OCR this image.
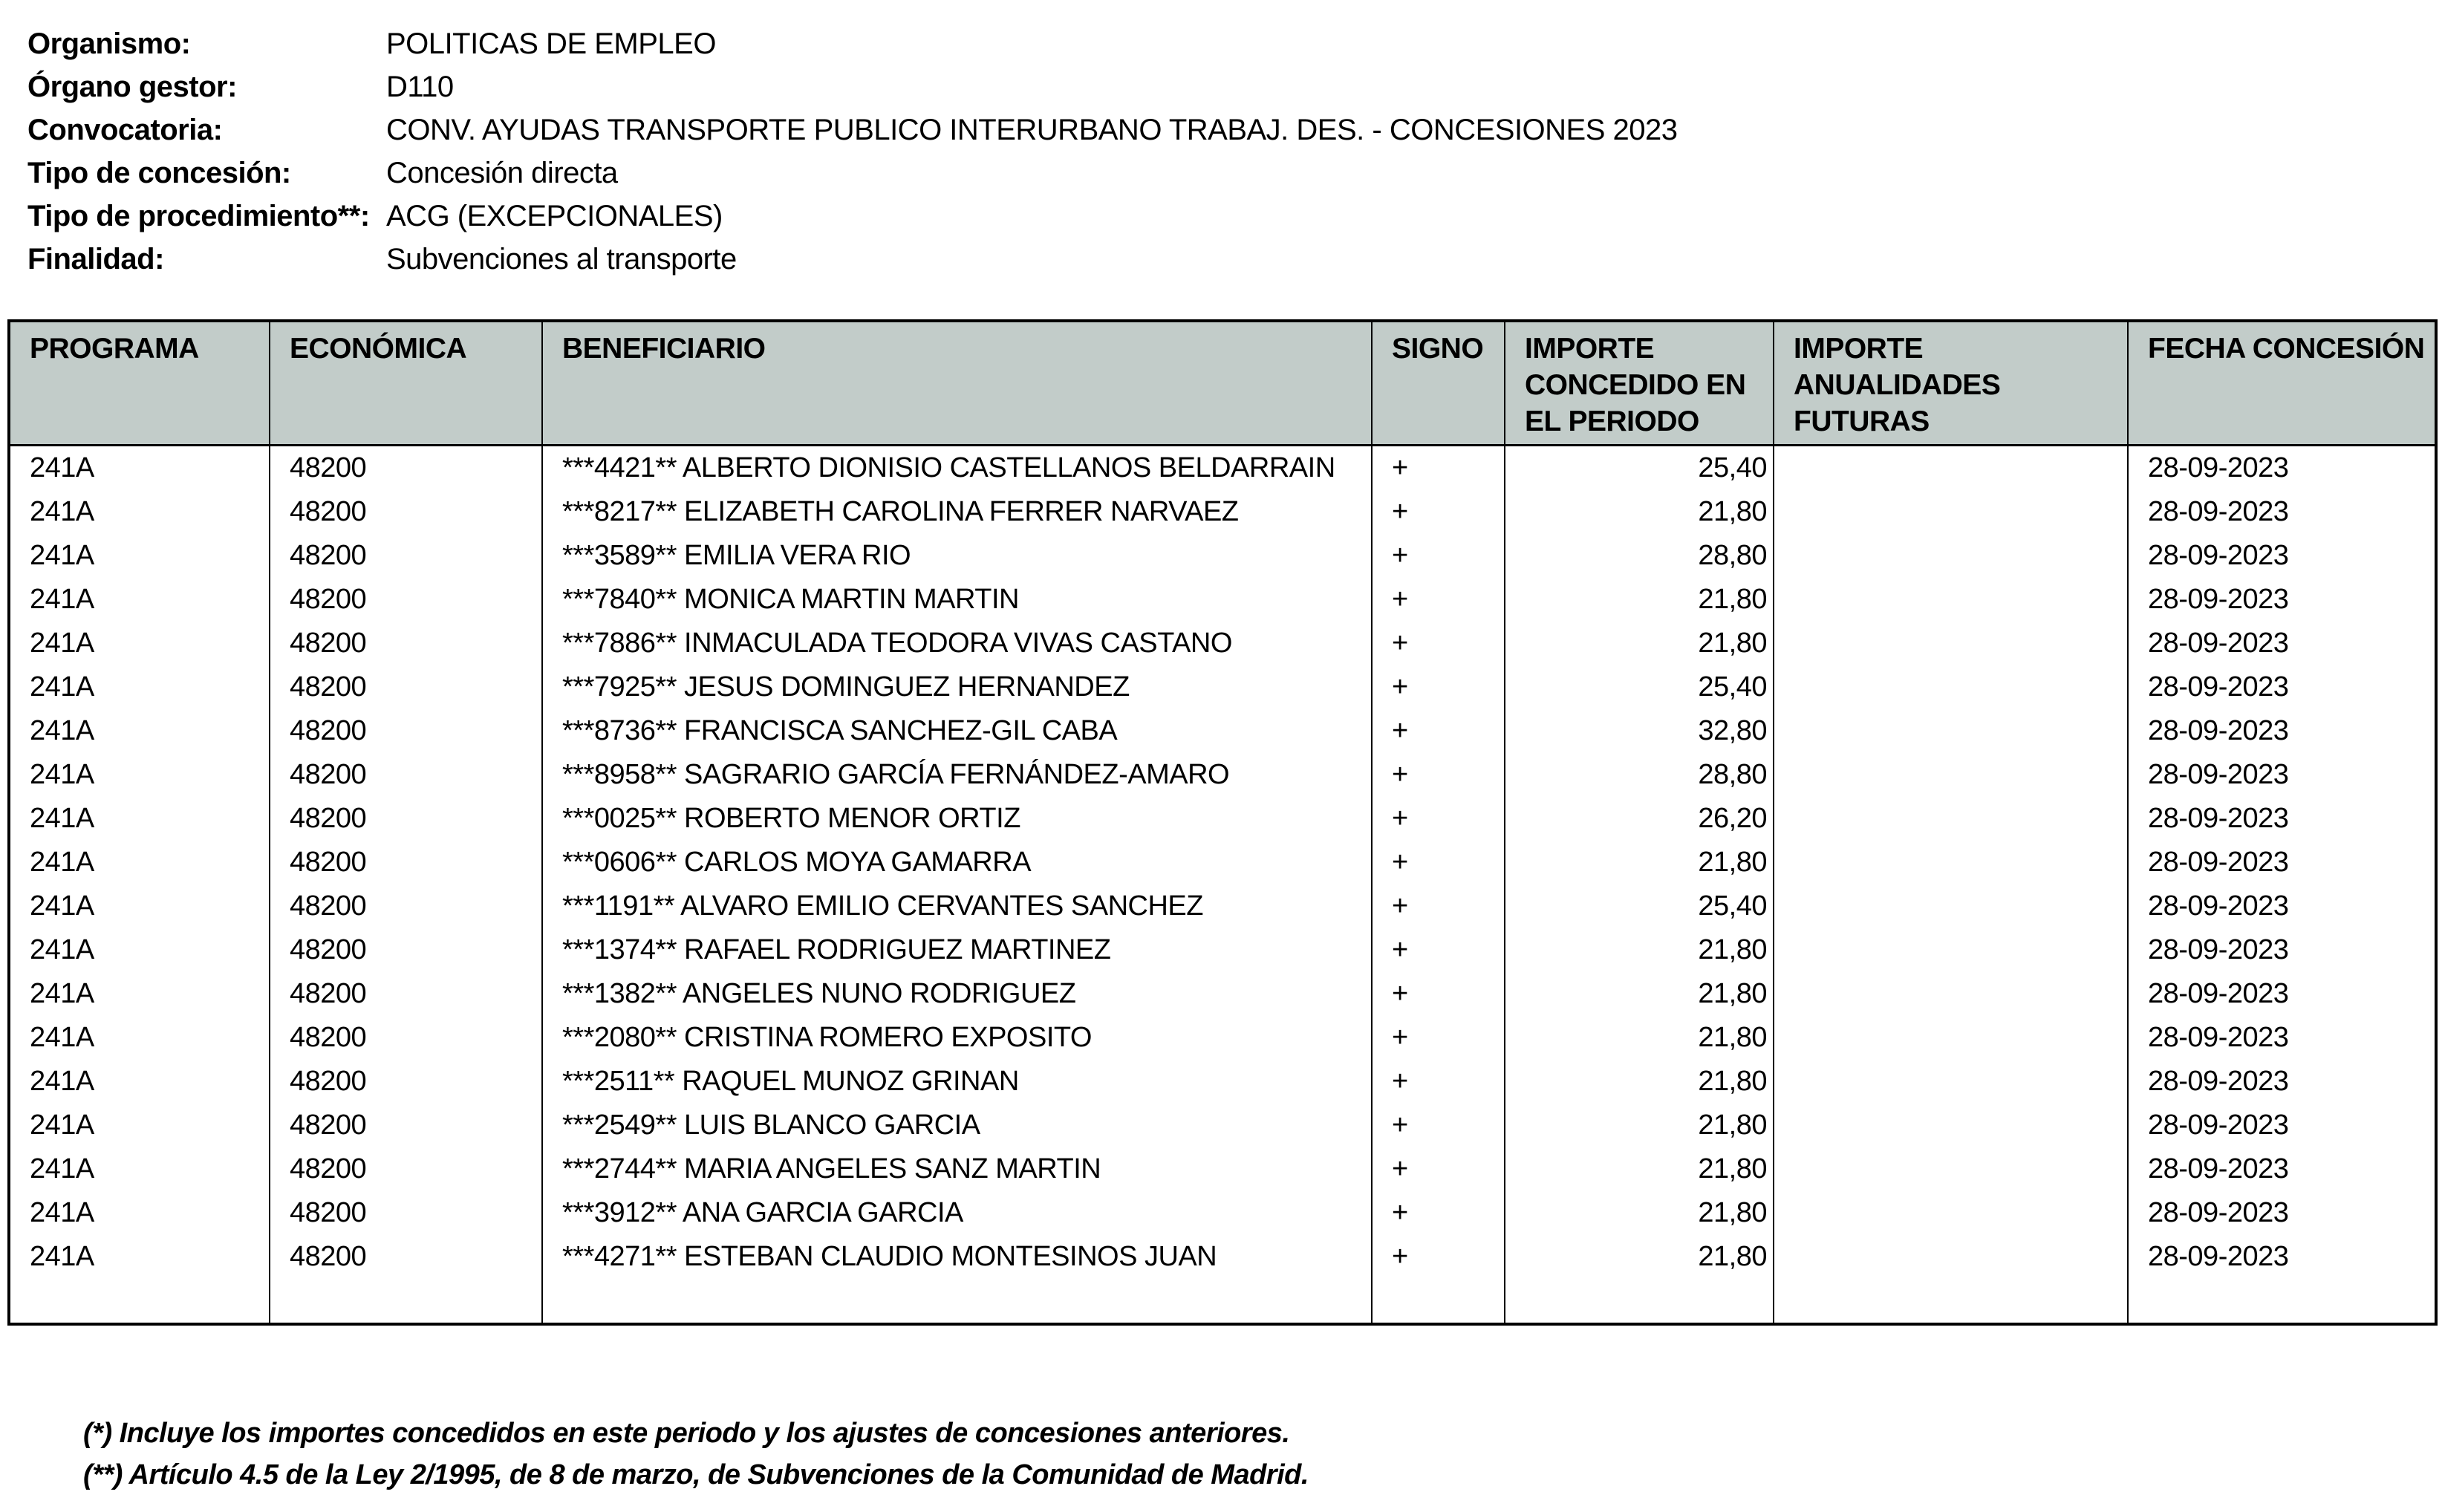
Organismo:	POLITICAS DE EMPLEO
Órgano gestor:	D110
Convocatoria:	CONV. AYUDAS TRANSPORTE PUBLICO INTERURBANO TRABAJ. DES. - CONCESIONES 2023
Tipo de concesión:	Concesión directa
Tipo de procedimiento**: ACG (EXCEPCIONALES)
Finalidad:	Subvenciones al transporte
PROGRAMA	ECONÓMICA	BENEFICIARIO	SIGNO	IMPORTE CONCEDIDO EN EL PERIODO	IMPORTE ANUALIDADES FUTURAS	FECHA CONCESIÓN
241A	48200	***4421** ALBERTO DIONISIO CASTELLANOS BELDARRAIN	+	25,40		28-09-2023
241A	48200	***8217** ELIZABETH CAROLINA FERRER NARVAEZ	+	21,80		28-09-2023
241A	48200	***3589** EMILIA VERA RIO	+	28,80		28-09-2023
241A	48200	***7840** MONICA MARTIN MARTIN	+	21,80		28-09-2023
241A	48200	***7886** INMACULADA TEODORA VIVAS CASTANO	+	21,80		28-09-2023
241A	48200	***7925** JESUS DOMINGUEZ HERNANDEZ	+	25,40		28-09-2023
241A	48200	***8736** FRANCISCA SANCHEZ-GIL CABA	+	32,80		28-09-2023
241A	48200	***8958** SAGRARIO GARCÍA FERNÁNDEZ-AMARO	+	28,80		28-09-2023
241A	48200	***0025** ROBERTO MENOR ORTIZ	+	26,20		28-09-2023
241A	48200	***0606** CARLOS MOYA GAMARRA	+	21,80		28-09-2023
241A	48200	***1191** ALVARO EMILIO CERVANTES SANCHEZ	+	25,40		28-09-2023
241A	48200	***1374** RAFAEL RODRIGUEZ MARTINEZ	+	21,80		28-09-2023
241A	48200	***1382** ANGELES NUNO RODRIGUEZ	+	21,80		28-09-2023
241A	48200	***2080** CRISTINA ROMERO EXPOSITO	+	21,80		28-09-2023
241A	48200	***2511** RAQUEL MUNOZ GRINAN	+	21,80		28-09-2023
241A	48200	***2549** LUIS BLANCO GARCIA	+	21,80		28-09-2023
241A	48200	***2744** MARIA ANGELES SANZ MARTIN	+	21,80		28-09-2023
241A	48200	***3912** ANA GARCIA GARCIA	+	21,80		28-09-2023
241A	48200	***4271** ESTEBAN CLAUDIO MONTESINOS JUAN	+	21,80		28-09-2023

(*) Incluye los importes concedidos en este periodo y los ajustes de concesiones anteriores.
(**) Artículo 4.5 de la Ley 2/1995, de 8 de marzo, de Subvenciones de la Comunidad de Madrid.
